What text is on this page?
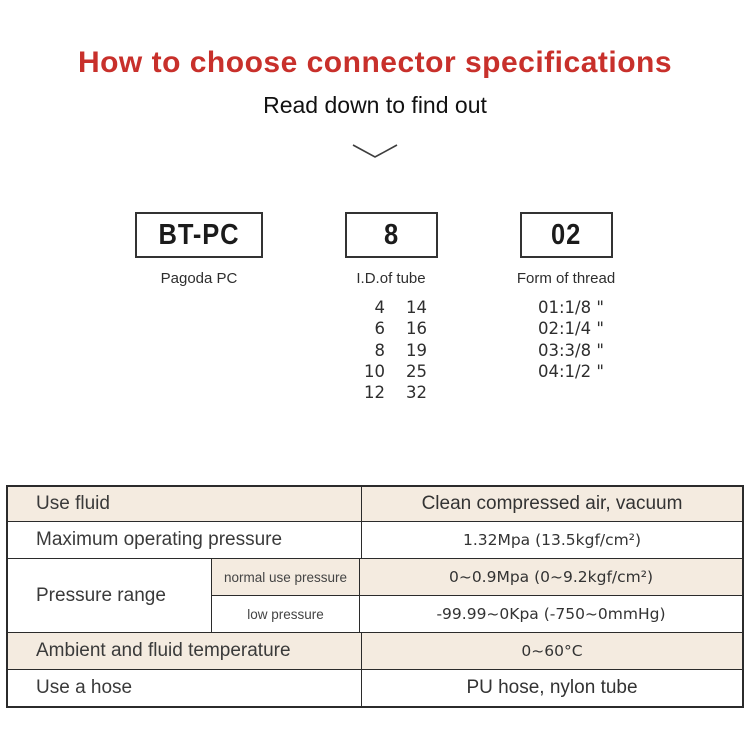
How to choose connector specifications
Read down to find out
BT-PC	8	02
Pagoda PC	I.D.of tube	Form of thread
4	14
6	16
8	19
10	25
12	32
01:1/8 "
02:1/4 "
03:3/8 "
04:1/2 "
Use fluid	Clean compressed air, vacuum
Maximum operating pressure	1.32Mpa (13.5kgf/cm²)
Pressure range
normal use pressure	0~0.9Mpa (0~9.2kgf/cm²)
low pressure	-99.99~0Kpa (-750~0mmHg)
Ambient and fluid temperature	0~60°C
Use a hose	PU hose, nylon tube
